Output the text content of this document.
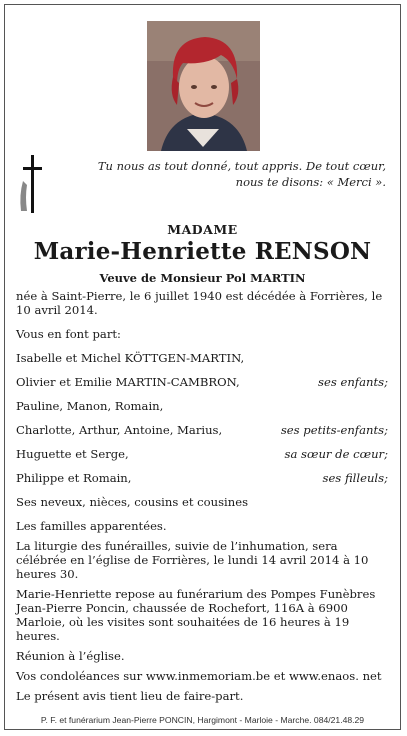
Tu nous as tout donné, tout appris. De tout cœur,
nous te disons: « Merci ».
MADAME
Marie-Henriette RENSON
Veuve de Monsieur Pol MARTIN

née à Saint-Pierre, le 6 juillet 1940 est décédée à Forrières, le 10 avril 2014.

Vous en font part:

Isabelle et Michel KÖTTGEN-MARTIN,
Olivier et Emilie MARTIN-CAMBRON,	ses enfants;
Pauline, Manon, Romain,
Charlotte, Arthur, Antoine, Marius,	ses petits-enfants;
Huguette et Serge,	sa sœur de cœur;
Philippe et Romain,	ses filleuls;

Ses neveux, nièces, cousins et cousines

Les familles apparentées.

La liturgie des funérailles, suivie de l’inhumation, sera célébrée en l’église de Forrières, le lundi 14 avril 2014 à 10 heures 30.

Marie-Henriette repose au funérarium des Pompes Funèbres Jean-Pierre Poncin, chaussée de Rochefort, 116A à 6900 Marloie, où les visites sont souhaitées de 16 heures à 19 heures.

Réunion à l’église.

Vos condoléances sur www.inmemoriam.be et www.enaos. net

Le présent avis tient lieu de faire-part.

P. F. et funérarium Jean-Pierre PONCIN, Hargimont - Marloie - Marche. 084/21.48.29
